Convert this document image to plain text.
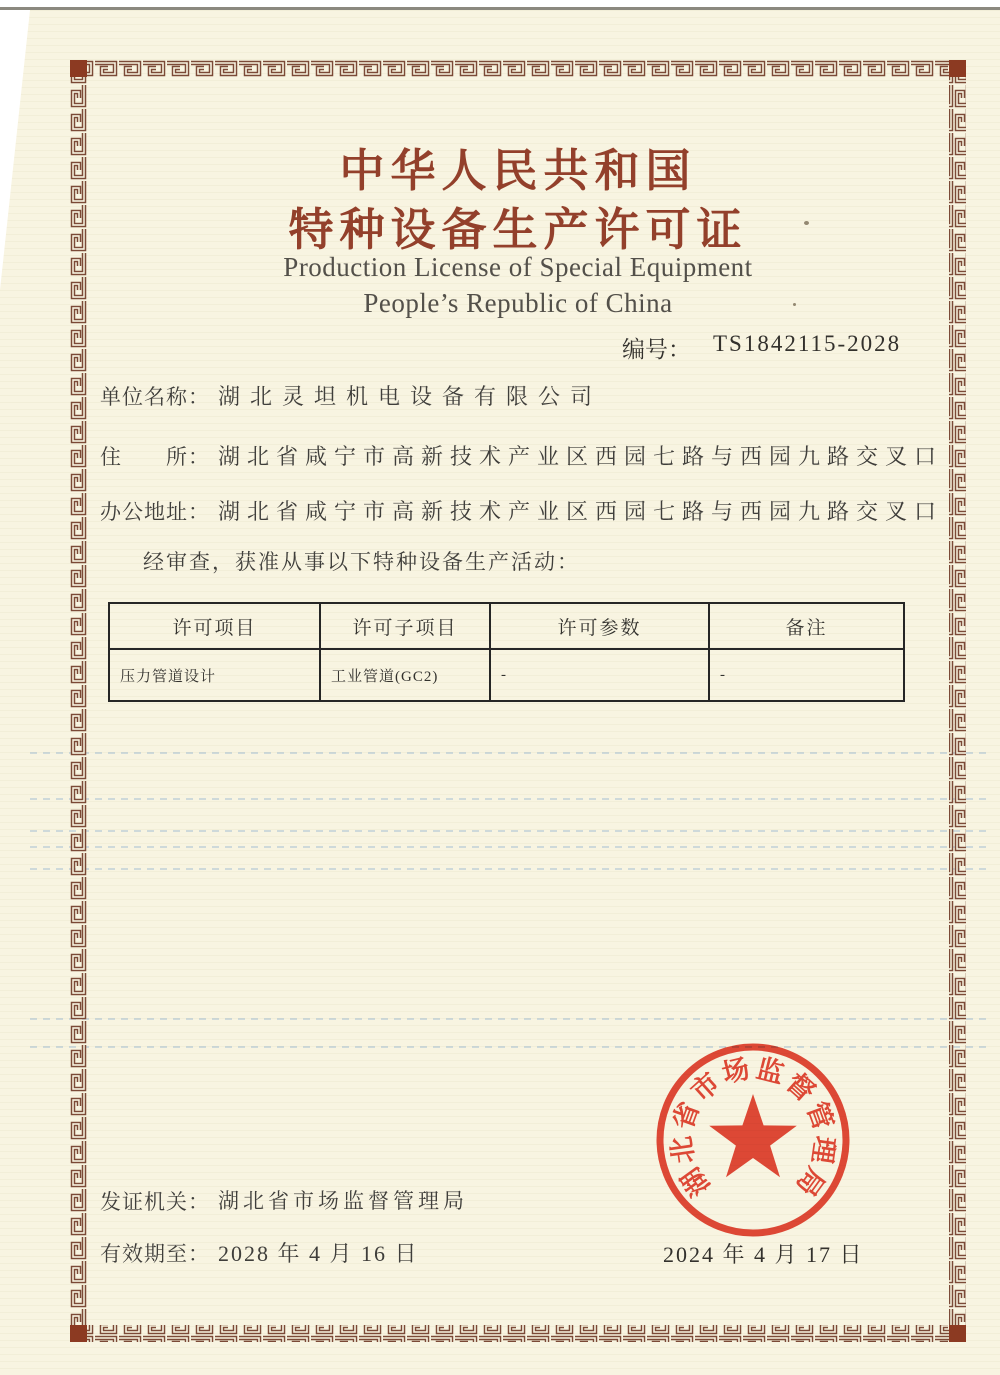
中华人民共和国
特种设备生产许可证
Production License of Special Equipment
People’s Republic of China
编号： TS1842115-2028
单位名称： 湖北灵坦机电设备有限公司
住　　所： 湖北省咸宁市高新技术产业区西园七路与西园九路交叉口
办公地址： 湖北省咸宁市高新技术产业区西园七路与西园九路交叉口
经审查，获准从事以下特种设备生产活动：
许可项目	许可子项目	许可参数	备注
压力管道设计	工业管道(GC2)	-	-
发证机关： 湖北省市场监督管理局
有效期至： 2028 年 4 月 16 日	2024 年 4 月 17 日
湖
北
省
市
场 监
督
管
理
局
